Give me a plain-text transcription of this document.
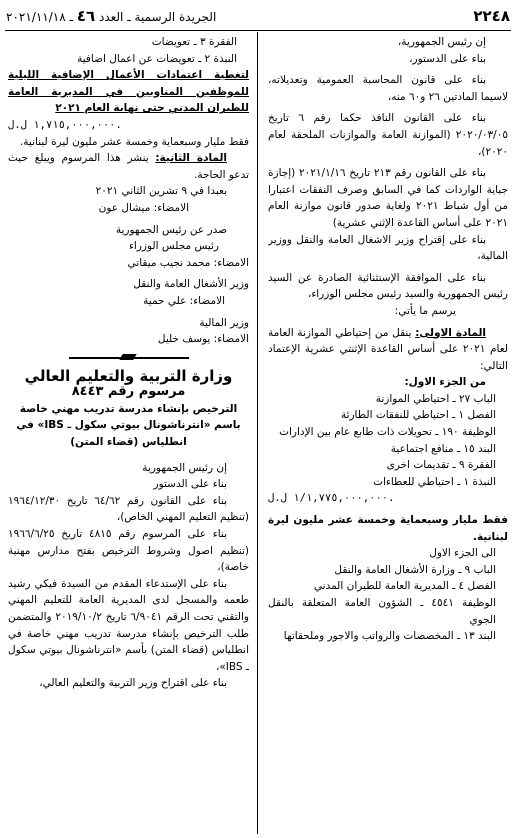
٢٢٤٨
الجريدة الرسمية ـ العدد ٤٦ ـ ٢٠٢١/١١/١٨

إن رئيس الجمهورية،

بناء على الدستور،

بناء على قانون المحاسبة العمومية وتعديلاته، لاسيما المادتين ٢٦ و٦٠ منه،

بناء على القانون النافذ حكما رقم ٦ تاريخ ٢٠٢٠/٠٣/٠٥ (الموازنة العامة والموازنات الملحقة لعام ٢٠٢٠)،

بناء على القانون رقم ٢١٣ تاريخ ٢٠٢١/١/١٦ (إجازة جباية الواردات كما في السابق وصرف النفقات اعتبارا من أول شباط ٢٠٢١ ولغاية صدور قانون موازنة العام ٢٠٢١ على أساس القاعدة الإثني عشرية)

بناء على إقتراح وزير الاشغال العامة والنقل ووزير المالية،

بناء على الموافقة الإستثنائية الصادرة عن السيد رئيس الجمهورية والسيد رئيس مجلس الوزراء،

يرسم ما يأتي:

المادة الاولى: ينقل من إحتياطي الموازنة العامة لعام ٢٠٢١ على أساس القاعدة الإثنتي عشرية الإعتماد التالي:

من الجزء الاول:

الباب ٢٧ ـ احتياطي الموازنة

الفصل ١ ـ احتياطي للنفقات الطارئة

الوظيفة ١٩٠ ـ تحويلات ذات طابع عام بين الإدارات

البند ١٥ ـ منافع اجتماعية

الفقرة ٩ ـ تقديمات اخرى

النبذة ١ ـ احتياطي للعطاءات

١/١,٧٧٥,٠٠٠,٠٠٠ ل.ل.

فقط مليار وسبعماية وخمسة عشر مليون ليرة لبنانية.

الى الجزء الاول

الباب ٩ ـ وزارة الأشغال العامة والنقل

الفصل ٤ ـ المديرية العامة للطيران المدني

الوظيفة ٤٥٤١ ـ الشؤون العامة المتعلقة بالنقل الجوي

البند ١٣ ـ المخصصات والرواتب والاجور وملحقاتها

الفقرة ٣ ـ تعويضات

النبذة ٢ ـ تعويضات عن اعمال اضافية

لتغطية اعتمادات الأعمال الإضافية الليلية للموظفين المناوبين في المديرية العامة للطيران المدني حتى نهاية العام ٢٠٢١

١,٧١٥,٠٠٠,٠٠٠ ل.ل.

فقط مليار وسبعماية وخمسة عشر مليون ليرة لبنانية.

المادة الثانية: ينشر هذا المرسوم ويبلغ حيث تدعو الحاجة.

بعبدا في ٩ تشرين الثاني ٢٠٢١

الامضاء: ميشال عون

صدر عن رئيس الجمهورية

رئيس مجلس الوزراء

الامضاء: محمد نجيب ميقاتي

وزير الأشغال العامة والنقل

الامضاء: علي حمية

وزير المالية

الامضاء: يوسف خليل

وزارة التربية والتعليم العالي

مرسوم رقم ٨٤٤٣

الترخيص بإنشاء مدرسة تدريب مهني خاصة باسم «انترناشونال بيوتي سكول ـ IBS» في انطلياس (قضاء المتن)

إن رئيس الجمهورية

بناء على الدستور

بناء على القانون رقم ٦٤/٦٢ تاريخ ١٩٦٤/١٢/٣٠ (تنظيم التعليم المهني الخاص)،

بناء على المرسوم رقم ٤٨١٥ تاريخ ١٩٦٦/٦/٢٥ (تنظيم اصول وشروط الترخيص بفتح مدارس مهنية خاصة)،

بناء على الإستدعاء المقدم من السيدة فيكي رشيد طعمه والمسجل لدى المديرية العامة للتعليم المهني والتقني تحت الرقم ٦/٩٠٤١ تاريخ ٢٠١٩/١٠/٢ والمتضمن طلب الترخيص بإنشاء مدرسة تدريب مهني خاصة في انطلياس (قضاء المتن) بأسم «انترناشونال بيوتي سكول ـ IBS»،

بناء على اقتراح وزير التربية والتعليم العالي،
